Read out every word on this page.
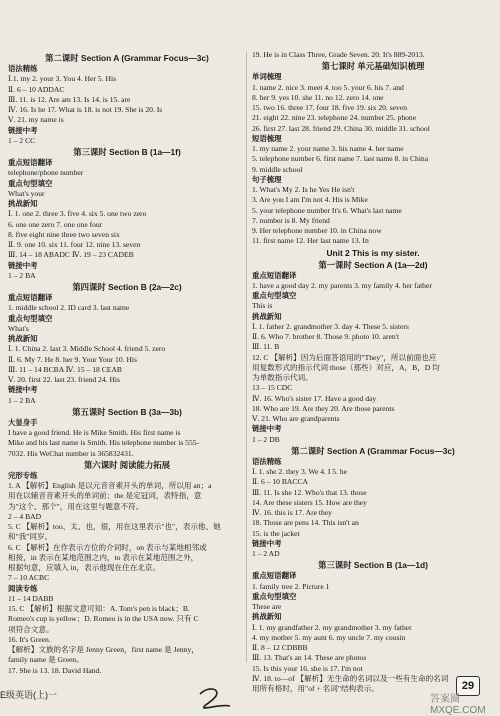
第二课时 Section A (Grammar Focus—3c)
语法精练
Ⅰ.1. my 2. your 3. You 4. Her 5. His
Ⅱ. 6 – 10 ADDAC
Ⅲ. 11. is 12. Are am 13. Is 14. is 15. are
Ⅳ. 16. Is he 17. What is 18. is not 19. She is 20. Is
Ⅴ. 21. my name is
链接中考
1 – 2 CC
第三课时 Section B (1a—1f)
重点短语翻译
telephone/phone number
重点句型填空
What's your
挑战新知
Ⅰ. 1. one 2. three 3. five 4. six 5. one two zero
6. one one zero 7. one one four
8. five eight nine three two seven six
Ⅱ. 9. one 10. six 11. four 12. nine 13. seven
Ⅲ. 14 – 18 ABADC Ⅳ. 19 – 23 CADEB
链接中考
1 – 2 BA
第四课时 Section B (2a—2c)
重点短语翻译
1. middle school 2. ID card 3. last name
重点句型填空
What's
挑战新知
Ⅰ. 1. China 2. last 3. Middle School 4. friend 5. zero
Ⅱ. 6. My 7. He 8. her 9. Your Your 10. His
Ⅲ. 11 – 14 BCBA Ⅳ. 15 – 18 CEAB
Ⅴ. 20. first 22. last 23. friend 24. His
链接中考
1 – 2 BA
第五课时 Section B (3a—3b)
大显身手
I have a good friend. He is Mike Smith. His first name is
Mike and his last name is Smith. His telephone number is 555-
7032. His WeChat number is 365832431.
第六课时 阅读能力拓展
完形专练
1. A 【解析】English 是以元音音素开头的单词，所以用 an；a
用在以辅音音素开头的单词前；the 是定冠词，表特指，意
为"这个、那个"，用在这里与题意不符。
2 – 4 BAD
5. C 【解析】too、太、也，很，用在这里表示"也"，表示他、她
和"我"同岁。
6. C 【解析】在作表示方位的介词时，on 表示与某地相邻或
相接，in 表示在某地范围之内，to 表示在某地范围之外，
根据句意，应填入 in，表示他现在住在北京。
7 – 10 ACBC
阅读专练
11 – 14 DABB
15. C 【解析】根据文意可知：A. Tom's pen is black；B.
Romeo's cup is yellow；D. Romeo is in the USA now. 只有 C
项符合文意。
16. It's Green.
【解析】文族的名字是 Jenny Green，first name 是 Jenny，
family name 是 Green。
17. She is 13. 18. David Hand.
19. He is in Class Three, Grade Seven. 20. It's 889-2013.
第七课时 单元基础知识梳理
单词梳理
1. name 2. nice 3. meet 4. too 5. your 6. his 7. and
8. her 9. yes 10. she 11. no 12. zero 14. one
15. two 16. three 17. four 18. five 19. six 20. seven
21. eight 22. nine 23. telephone 24. number 25. phone
26. first 27. last 28. friend 29. China 30. middle 31. school
短语梳理
1. my name 2. your name 3. his name 4. her name
5. telephone number 6. first name 7. last name 8. in China
9. middle school
句子梳理
1. What's My 2. Is he Yes He isn't
3. Are you I am I'm not 4. His is Mike
5. your telephone number It's 6. What's last name
7. number is 8. My friend
9. Her telephone number 10. in China now
11. first name 12. Her last name 13. In
Unit 2 This is my sister.
第一课时 Section A (1a—2d)
重点短语翻译
1. have a good day 2. my parents 3. my family 4. her father
重点句型填空
This is
挑战新知
Ⅰ. 1. father 2. grandmother 3. day 4. These 5. sisters
Ⅱ. 6. Who 7. brother 8. Those 9. photo 10. aren't
Ⅲ. 11. B
12. C 【解析】因为后面答语用的"They"，所以前面也应
用复数形式的指示代词 those（那些）对应，A，B，D 均
为单数指示代词。
13 – 15 CDC
Ⅳ. 16. Who's sister 17. Have a good day
18. Who are 19. Are they 20. Are those parents
Ⅴ. 21. Who are grandparents
链接中考
1 – 2 DB
第二课时 Section A (Grammar Focus—3c)
语法精练
Ⅰ. 1. she 2. they 3. We 4. I 5. he
Ⅱ. 6 – 10 BACCA
Ⅲ. 11. Is she 12. Who's that 13. those
14. Are these sisters 15. How are they
Ⅳ. 16. this is 17. Are they
18. Those are pens 14. This isn't an
15. is the jacket
链接中考
1 – 2 AD
第三课时 Section B (1a—1d)
重点短语翻译
1. family tree 2. Picture 1
重点句型填空
These are
挑战新知
Ⅰ. 1. my grandfather 2. my grandmother 3. my father
4. my mother 5. my aunt 6. my uncle 7. my cousin
Ⅱ. 8 – 12 CDBBB
Ⅲ. 13. That's an 14. These are photos
15. Is this your 16. she is 17. I'm not
Ⅳ. 18. to—of 【解析】无生命的名词以及一些有生命的名词
用所有格时，用"of + 名词"结构表示。
E级英语(上)一
29
答案圈 MXQE.COM
